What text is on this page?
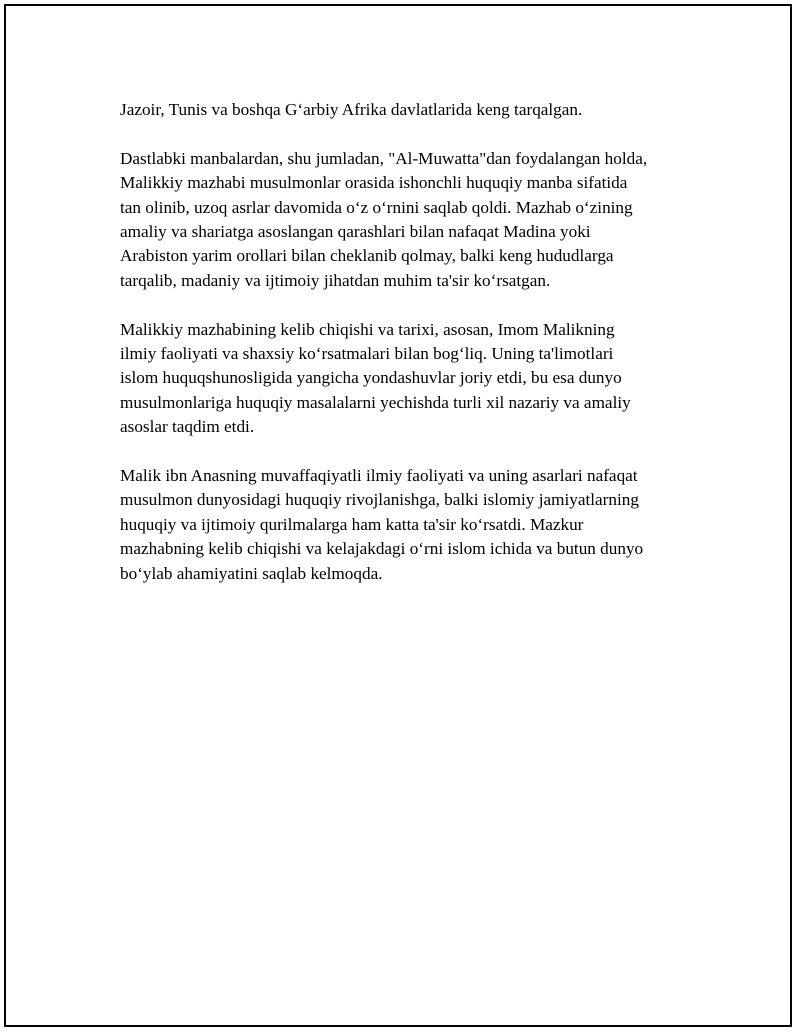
Jazoir, Tunis va boshqa G‘arbiy Afrika davlatlarida keng tarqalgan.

Dastlabki manbalardan, shu jumladan, "Al-Muwatta"dan foydalangan holda,
Malikkiy mazhabi musulmonlar orasida ishonchli huquqiy manba sifatida
tan olinib, uzoq asrlar davomida o‘z o‘rnini saqlab qoldi. Mazhab o‘zining
amaliy va shariatga asoslangan qarashlari bilan nafaqat Madina yoki
Arabiston yarim orollari bilan cheklanib qolmay, balki keng hududlarga
tarqalib, madaniy va ijtimoiy jihatdan muhim ta'sir ko‘rsatgan.

Malikkiy mazhabining kelib chiqishi va tarixi, asosan, Imom Malikning
ilmiy faoliyati va shaxsiy ko‘rsatmalari bilan bog‘liq. Uning ta'limotlari
islom huquqshunosligida yangicha yondashuvlar joriy etdi, bu esa dunyo
musulmonlariga huquqiy masalalarni yechishda turli xil nazariy va amaliy
asoslar taqdim etdi.

Malik ibn Anasning muvaffaqiyatli ilmiy faoliyati va uning asarlari nafaqat
musulmon dunyosidagi huquqiy rivojlanishga, balki islomiy jamiyatlarning
huquqiy va ijtimoiy qurilmalarga ham katta ta'sir ko‘rsatdi. Mazkur
mazhabning kelib chiqishi va kelajakdagi o‘rni islom ichida va butun dunyo
bo‘ylab ahamiyatini saqlab kelmoqda.
